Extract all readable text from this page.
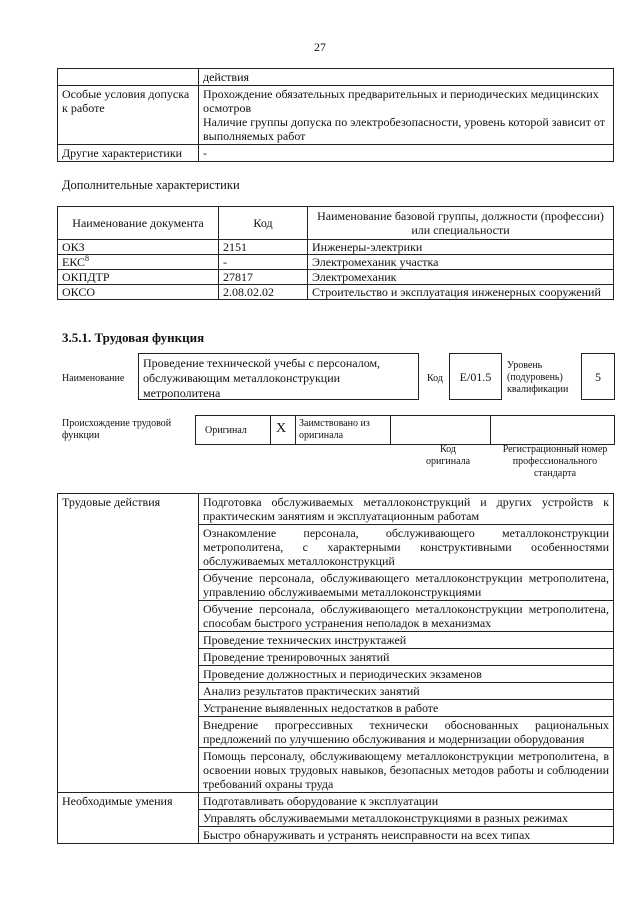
27
	действия
Особые условия допуска к работе	Прохождение обязательных предварительных и периодических медицинских осмотров
Наличие группы допуска по электробезопасности, уровень которой зависит от выполняемых работ

Другие характеристики	-
Дополнительные характеристики
Наименование документа	Код	Наименование базовой группы, должности (профессии) или специальности
ОКЗ	2151	Инженеры-электрики
ЕКС$^8$	-	Электромеханик участка
ОКПДТР	27817	Электромеханик
ОКСО	2.08.02.02	Строительство и эксплуатация инженерных сооружений
3.5.1. Трудовая функция
Наименование
Проведение технической учебы с персоналом, обслуживающим металлоконструкции метрополитена
Код	E/01.5
Уровень (подуровень) квалификации
5
Происхождение трудовой функции	Оригинал X Заимствовано из оригинала
Код оригинала
Регистрационный номер профессионального стандарта
Трудовые действия	Подготовка обслуживаемых металлоконструкций и других устройств к практическим занятиям и эксплуатационным работам
	Ознакомление персонала, обслуживающего металлоконструкции метрополитена, с характерными конструктивными особенностями обслуживаемых металлоконструкций
	Обучение персонала, обслуживающего металлоконструкции метрополитена, управлению обслуживаемыми металлоконструкциями
	Обучение персонала, обслуживающего металлоконструкции метрополитена, способам быстрого устранения неполадок в механизмах
	Проведение технических инструктажей
	Проведение тренировочных занятий
	Проведение должностных и периодических экзаменов
	Анализ результатов практических занятий
	Устранение выявленных недостатков в работе
	Внедрение прогрессивных технически обоснованных рациональных предложений по улучшению обслуживания и модернизации оборудования
	Помощь персоналу, обслуживающему металлоконструкции метрополитена, в освоении новых трудовых навыков, безопасных методов работы и соблюдении требований охраны труда
Необходимые умения	Подготавливать оборудование к эксплуатации
	Управлять обслуживаемыми металлоконструкциями в разных режимах
	Быстро обнаруживать и устранять неисправности на всех типах
